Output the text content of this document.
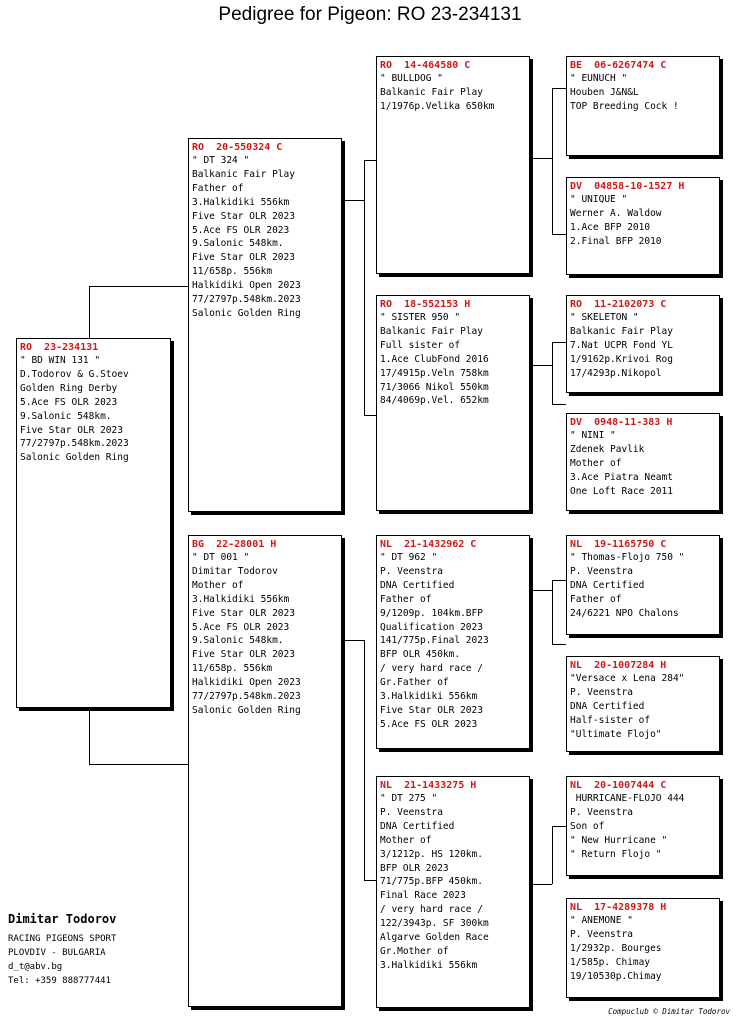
Pedigree for Pigeon: RO 23-234131
RO  23-234131
" BD WIN 131 "
D.Todorov & G.Stoev
Golden Ring Derby
5.Ace FS OLR 2023
9.Salonic 548km.
Five Star OLR 2023
77/2797p.548km.2023
Salonic Golden Ring
RO  20-550324 C
" DT 324 "
Balkanic Fair Play
Father of
3.Halkidiki 556km
Five Star OLR 2023
5.Ace FS OLR 2023
9.Salonic 548km.
Five Star OLR 2023
11/658p. 556km
Halkidiki Open 2023
77/2797p.548km.2023
Salonic Golden Ring
BG  22-28001 H
" DT 001 "
Dimitar Todorov
Mother of
3.Halkidiki 556km
Five Star OLR 2023
5.Ace FS OLR 2023
9.Salonic 548km.
Five Star OLR 2023
11/658p. 556km
Halkidiki Open 2023
77/2797p.548km.2023
Salonic Golden Ring
RO  14-464580 C
" BULLDOG "
Balkanic Fair Play
1/1976p.Velika 650km
RO  18-552153 H
" SISTER 950 "
Balkanic Fair Play
Full sister of
1.Ace ClubFond 2016
17/4915p.Veln 758km
71/3066 Nikol 550km
84/4069p.Vel. 652km
NL  21-1432962 C
" DT 962 "
P. Veenstra
DNA Certified
Father of
9/1209p. 104km.BFP
Qualification 2023
141/775p.Final 2023
BFP OLR 450km.
/ very hard race /
Gr.Father of
3.Halkidiki 556km
Five Star OLR 2023
5.Ace FS OLR 2023
NL  21-1433275 H
" DT 275 "
P. Veenstra
DNA Certified
Mother of
3/1212p. HS 120km.
BFP OLR 2023
71/775p.BFP 450km.
Final Race 2023
/ very hard race /
122/3943p. SF 300km
Algarve Golden Race
Gr.Mother of
3.Halkidiki 556km
BE  06-6267474 C
" EUNUCH "
Houben J&N&L
TOP Breeding Cock !
DV  04858-10-1527 H
" UNIQUE "
Werner A. Waldow
1.Ace BFP 2010
2.Final BFP 2010
RO  11-2102073 C
" SKELETON "
Balkanic Fair Play
7.Nat UCPR Fond YL
1/9162p.Krivoi Rog
17/4293p.Nikopol
DV  0948-11-383 H
" NINI "
Zdenek Pavlik
Mother of
3.Ace Piatra Neamt
One Loft Race 2011
NL  19-1165750 C
" Thomas-Flojo 750 "
P. Veenstra
DNA Certified
Father of
24/6221 NPO Chalons
NL  20-1007284 H
"Versace x Lena 284"
P. Veenstra
DNA Certified
Half-sister of
"Ultimate Flojo"
NL  20-1007444 C
HURRICANE-FLOJO 444
P. Veenstra
Son of
" New Hurricane "
" Return Flojo "
NL  17-4289378 H
" ANEMONE "
P. Veenstra
1/2932p. Bourges
1/585p. Chimay
19/10530p.Chimay
Dimitar Todorov
RACING PIGEONS SPORT
PLOVDIV - BULGARIA
d_t@abv.bg
Tel: +359 888777441
Compuclub © Dimitar Todorov
